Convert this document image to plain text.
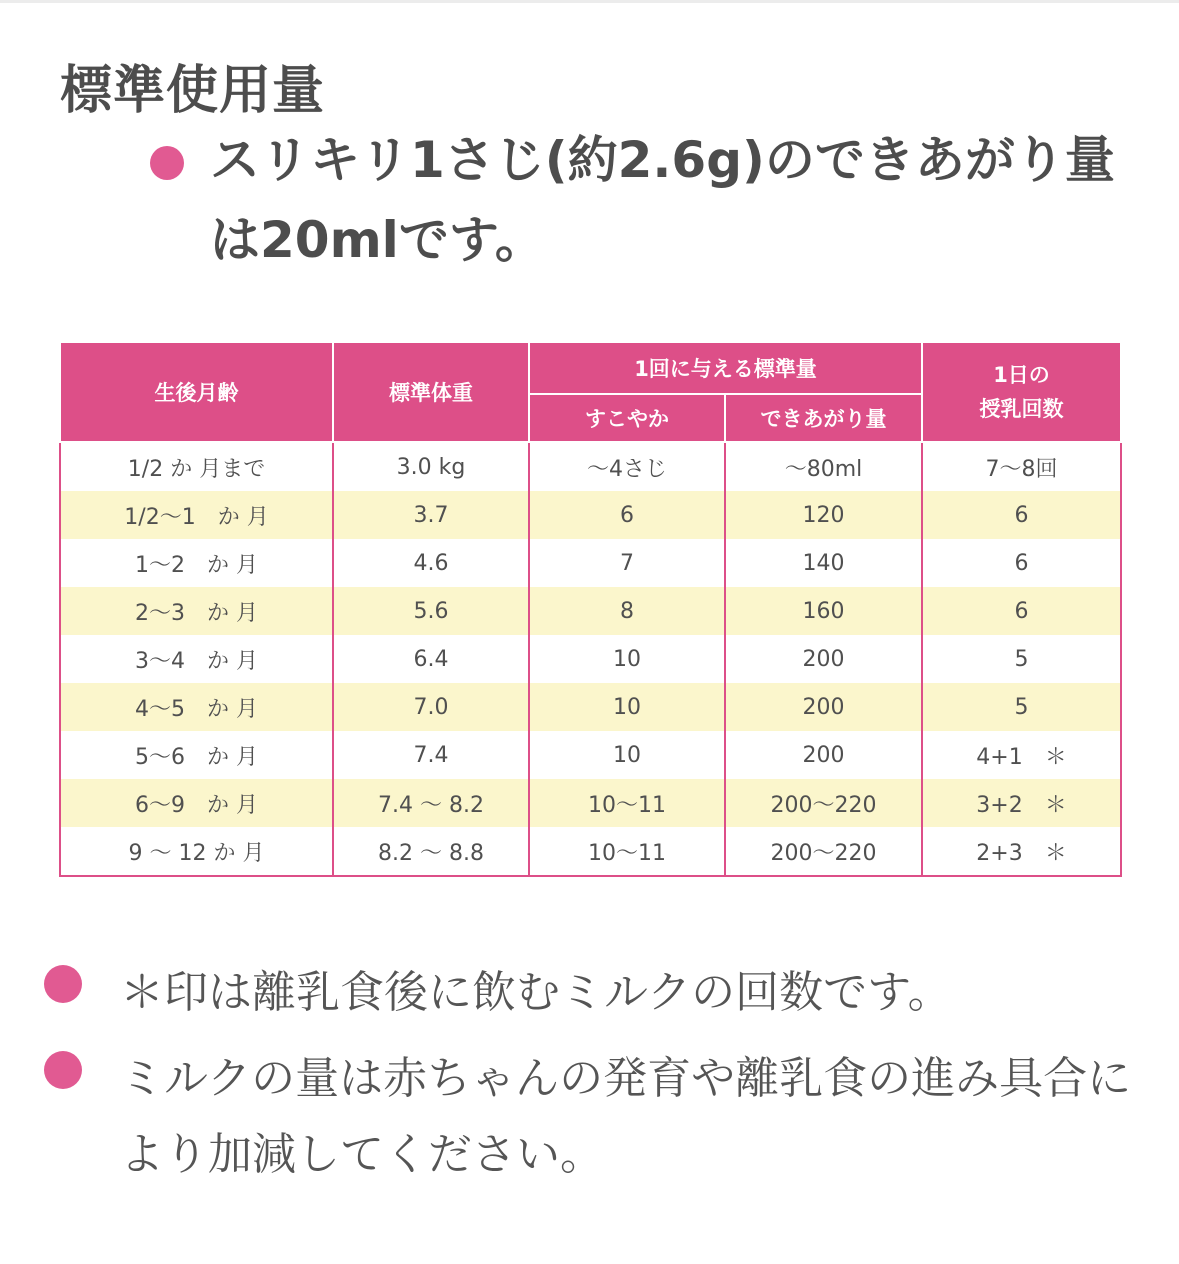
標準使用量
スリキリ1さじ(約2.6g)のできあがり量は20mlです。
生後月齢	標準体重	1回に与える標準量		1日の
授乳回数
		すこやか	できあがり量	
1/2 か 月まで	3.0 kg	～4さじ	～80ml	7～8回
1/2～1　か 月	3.7	6	120	6
1～2　か 月	4.6	7	140	6
2～3　か 月	5.6	8	160	6
3～4　か 月	6.4	10	200	5
4～5　か 月	7.0	10	200	5
5～6　か 月	7.4	10	200	4+1　＊
6～9　か 月	7.4 ～ 8.2	10～11	200～220	3+2　＊
9 ～ 12 か 月	8.2 ～ 8.8	10～11	200～220	2+3　＊
＊印は離乳食後に飲むミルクの回数です。
ミルクの量は赤ちゃんの発育や離乳食の進み具合により加減してください。
